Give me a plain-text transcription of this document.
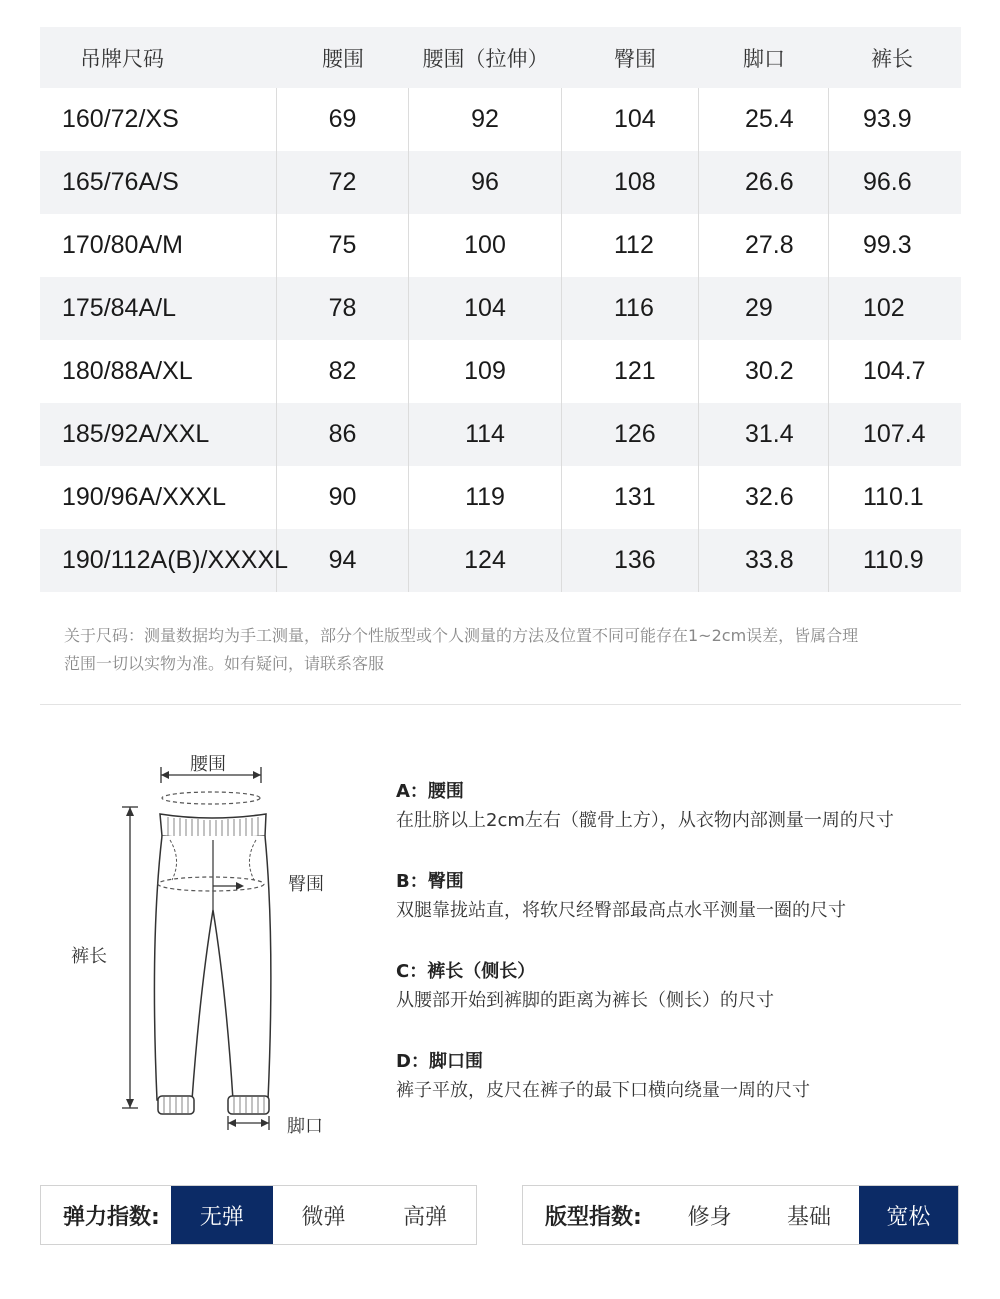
吊牌尺码	腰围	腰围（拉伸）	臀围	脚口	裤长
160/72/XS	69	92	104	25.4	93.9
165/76A/S	72	96	108	26.6	96.6
170/80A/M	75	100	112	27.8	99.3
175/84A/L	78	104	116	29	102
180/88A/XL	82	109	121	30.2	104.7
185/92A/XXL	86	114	126	31.4	107.4
190/96A/XXXL	90	119	131	32.6	110.1
190/112A(B)/XXXXL	94	124	136	33.8	110.9
关于尺码：测量数据均为手工测量，部分个性版型或个人测量的方法及位置不同可能存在1~2cm误差，皆属合理
范围一切以实物为准。如有疑问，请联系客服
腰围
臀围
裤长
脚口
A：腰围
在肚脐以上2cm左右（髋骨上方），从衣物内部测量一周的尺寸
B：臀围
双腿靠拢站直，将软尺经臀部最高点水平测量一圈的尺寸
C：裤长（侧长）
从腰部开始到裤脚的距离为裤长（侧长）的尺寸
D：脚口围
裤子平放，皮尺在裤子的最下口横向绕量一周的尺寸
弹力指数:	无弹	微弹	高弹	版型指数:	修身	基础	宽松
